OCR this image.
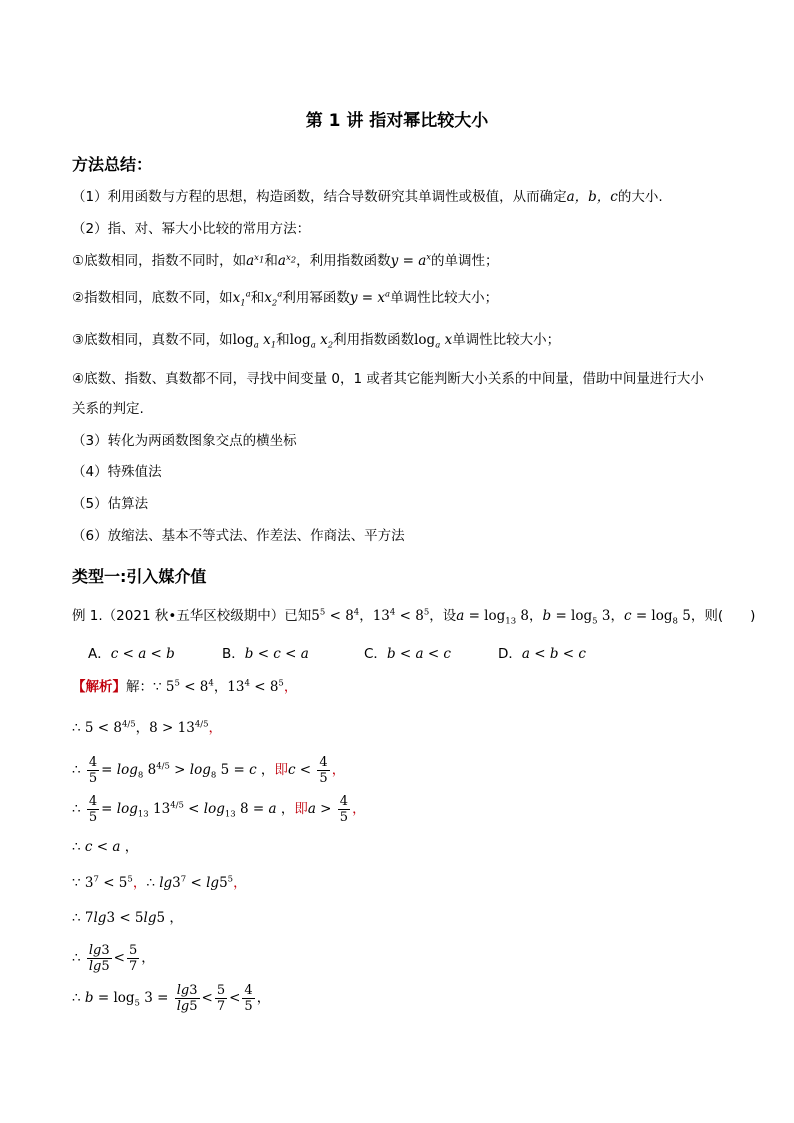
第 1 讲 指对幂比较大小
方法总结：
（1）利用函数与方程的思想，构造函数，结合导数研究其单调性或极值，从而确定a，b，c的大小.
（2）指、对、幂大小比较的常用方法：
①底数相同，指数不同时，如$a^{x_1}$和$a^{x_2}$，利用指数函数$y = a^x$的单调性；
②指数相同，底数不同，如$x_1^a$和$x_2^a$利用幂函数$y = x^a$单调性比较大小；
③底数相同，真数不同，如$\log_a x_1$和$\log_a x_2$利用指数函数$\log_a x$单调性比较大小；
④底数、指数、真数都不同，寻找中间变量 0，1 或者其它能判断大小关系的中间量，借助中间量进行大小
关系的判定.
（3）转化为两函数图象交点的横坐标
（4）特殊值法
（5）估算法
（6）放缩法、基本不等式法、作差法、作商法、平方法
类型一:引入媒介值
例 1.（2021 秋•五华区校级期中）已知$5^5 < 8^4$，$13^4 < 8^5$，设$a = \log_{13} 8$，$b = \log_5 3$，$c = \log_8 5$，则(　　)
A．c < a < b	B．b < c < a	C．b < a < c	D．a < b < c
【解析】解：∵ $5^5 < 8^4$，$13^4 < 8^5$，
∴ $5 < 8^{4/5}$，$8 > 13^{4/5}$，
∴ $\frac{4}{5} = \log_8 8^{4/5} > \log_8 5 = c$ ，即$c < \frac{4}{5}$ ，
∴ $\frac{4}{5} = \log_{13} 13^{4/5} < \log_{13} 8 = a$ ，即$a > \frac{4}{5}$ ，
∴ c < a ，
∵ $3^7 < 5^5$，∴ $\lg 3^7 < \lg 5^5$，
∴ 7lg3 < 5lg5 ，
∴ $\frac{\lg 3}{\lg 5} < \frac{5}{7}$ ，
∴ $b = \log_5 3 = \frac{\lg 3}{\lg 5} < \frac{5}{7} < \frac{4}{5}$ ，
